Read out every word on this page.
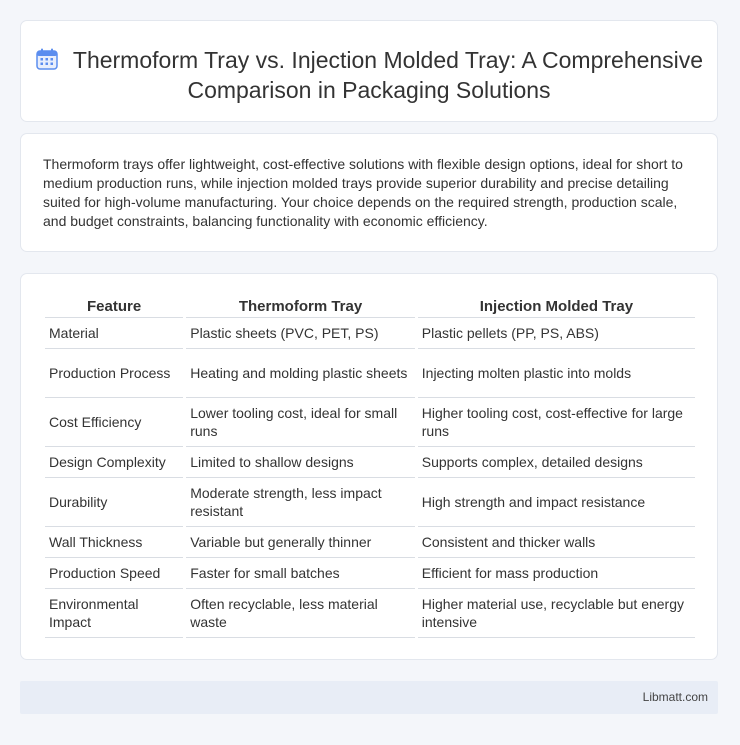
Thermoform Tray vs. Injection Molded Tray: A Comprehensive Comparison in Packaging Solutions

Thermoform trays offer lightweight, cost-effective solutions with flexible design options, ideal for short to medium production runs, while injection molded trays provide superior durability and precise detailing suited for high-volume manufacturing. Your choice depends on the required strength, production scale, and budget constraints, balancing functionality with economic efficiency.

Feature	Thermoform Tray	Injection Molded Tray
Material	Plastic sheets (PVC, PET, PS)	Plastic pellets (PP, PS, ABS)
Production Process	Heating and molding plastic sheets	Injecting molten plastic into molds
Cost Efficiency	Lower tooling cost, ideal for small runs	Higher tooling cost, cost-effective for large runs
Design Complexity	Limited to shallow designs	Supports complex, detailed designs
Durability	Moderate strength, less impact resistant	High strength and impact resistance
Wall Thickness	Variable but generally thinner	Consistent and thicker walls
Production Speed	Faster for small batches	Efficient for mass production
Environmental Impact	Often recyclable, less material waste	Higher material use, recyclable but energy intensive
Libmatt.com
